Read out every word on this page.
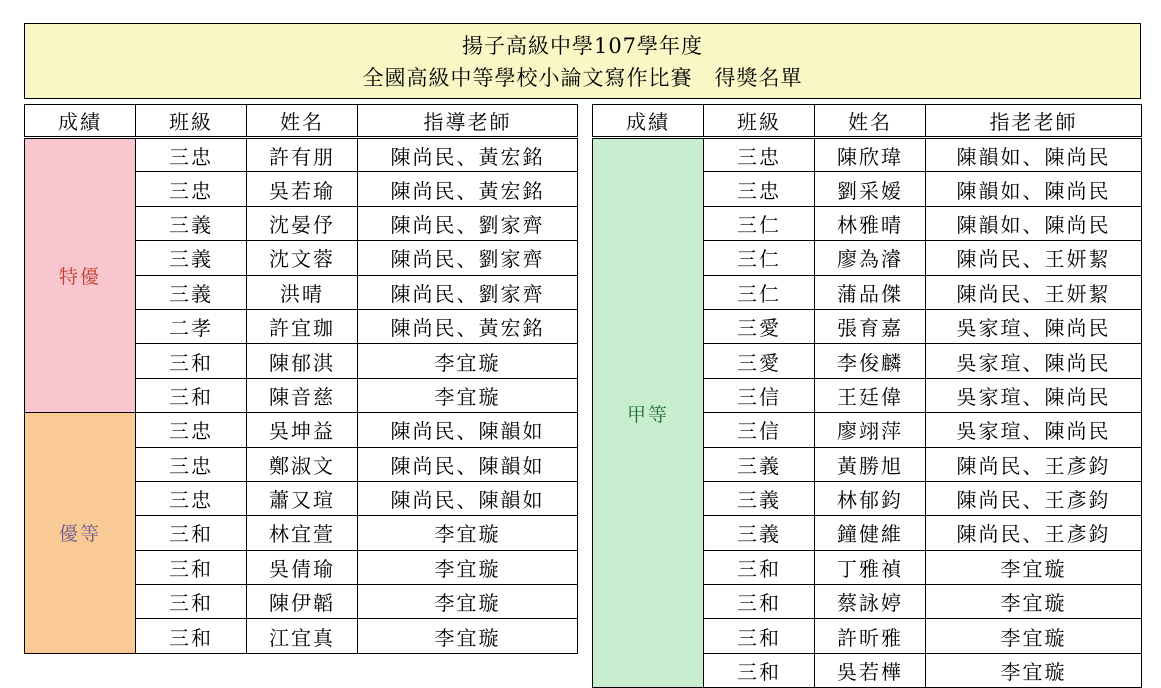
揚子高級中學107學年度
全國高級中等學校小論文寫作比賽　得獎名單
成績	班級	姓名	指導老師
特優	三忠	許有朋	陳尚民、黃宏銘
	三忠	吳若瑜	陳尚民、黃宏銘
	三義	沈晏伃	陳尚民、劉家齊
	三義	沈文蓉	陳尚民、劉家齊
	三義	洪晴	陳尚民、劉家齊
	二孝	許宜珈	陳尚民、黃宏銘
	三和	陳郁淇	李宜璇
	三和	陳音慈	李宜璇
優等	三忠	吳坤益	陳尚民、陳韻如
	三忠	鄭淑文	陳尚民、陳韻如
	三忠	蕭又瑄	陳尚民、陳韻如
	三和	林宜萱	李宜璇
	三和	吳倩瑜	李宜璇
	三和	陳伊韜	李宜璇
	三和	江宜真	李宜璇
成績	班級	姓名	指老老師
甲等	三忠	陳欣瑋	陳韻如、陳尚民
	三忠	劉采嫒	陳韻如、陳尚民
	三仁	林雅晴	陳韻如、陳尚民
	三仁	廖為濬	陳尚民、王妍絜
	三仁	蒲品傑	陳尚民、王妍絜
	三愛	張育嘉	吳家瑄、陳尚民
	三愛	李俊麟	吳家瑄、陳尚民
	三信	王廷偉	吳家瑄、陳尚民
	三信	廖翊萍	吳家瑄、陳尚民
	三義	黃勝旭	陳尚民、王彥鈞
	三義	林郁鈞	陳尚民、王彥鈞
	三義	鐘健維	陳尚民、王彥鈞
	三和	丁雅禎	李宜璇
	三和	蔡詠婷	李宜璇
	三和	許昕雅	李宜璇
	三和	吳若樺	李宜璇
